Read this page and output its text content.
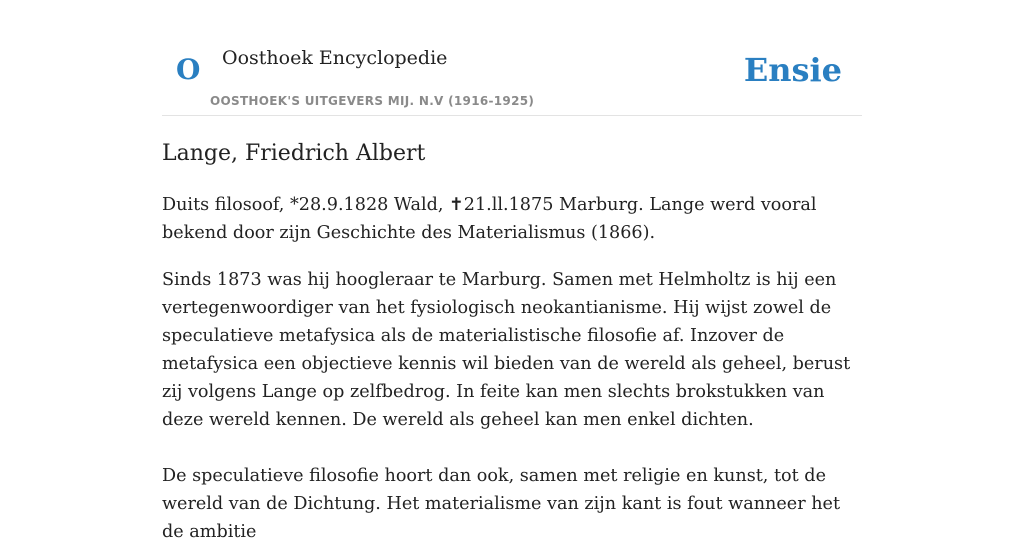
O Oosthoek Encyclopedie
OOSTHOEK'S UITGEVERS MIJ. N.V (1916-1925)
Ensie
Lange, Friedrich Albert

Duits filosoof, *28.9.1828 Wald, ✝21.ll.1875 Marburg. Lange werd vooral bekend door zijn Geschichte des Materialismus (1866).

Sinds 1873 was hij hoogleraar te Marburg. Samen met Helmholtz is hij een vertegenwoordiger van het fysiologisch neokantianisme. Hij wijst zowel de speculatieve metafysica als de materialistische filosofie af. Inzover de metafysica een objectieve kennis wil bieden van de wereld als geheel, berust zij volgens Lange op zelfbedrog. In feite kan men slechts brokstukken van deze wereld kennen. De wereld als geheel kan men enkel dichten.

De speculatieve filosofie hoort dan ook, samen met religie en kunst, tot de wereld van de Dichtung. Het materialisme van zijn kant is fout wanneer het de ambitie
